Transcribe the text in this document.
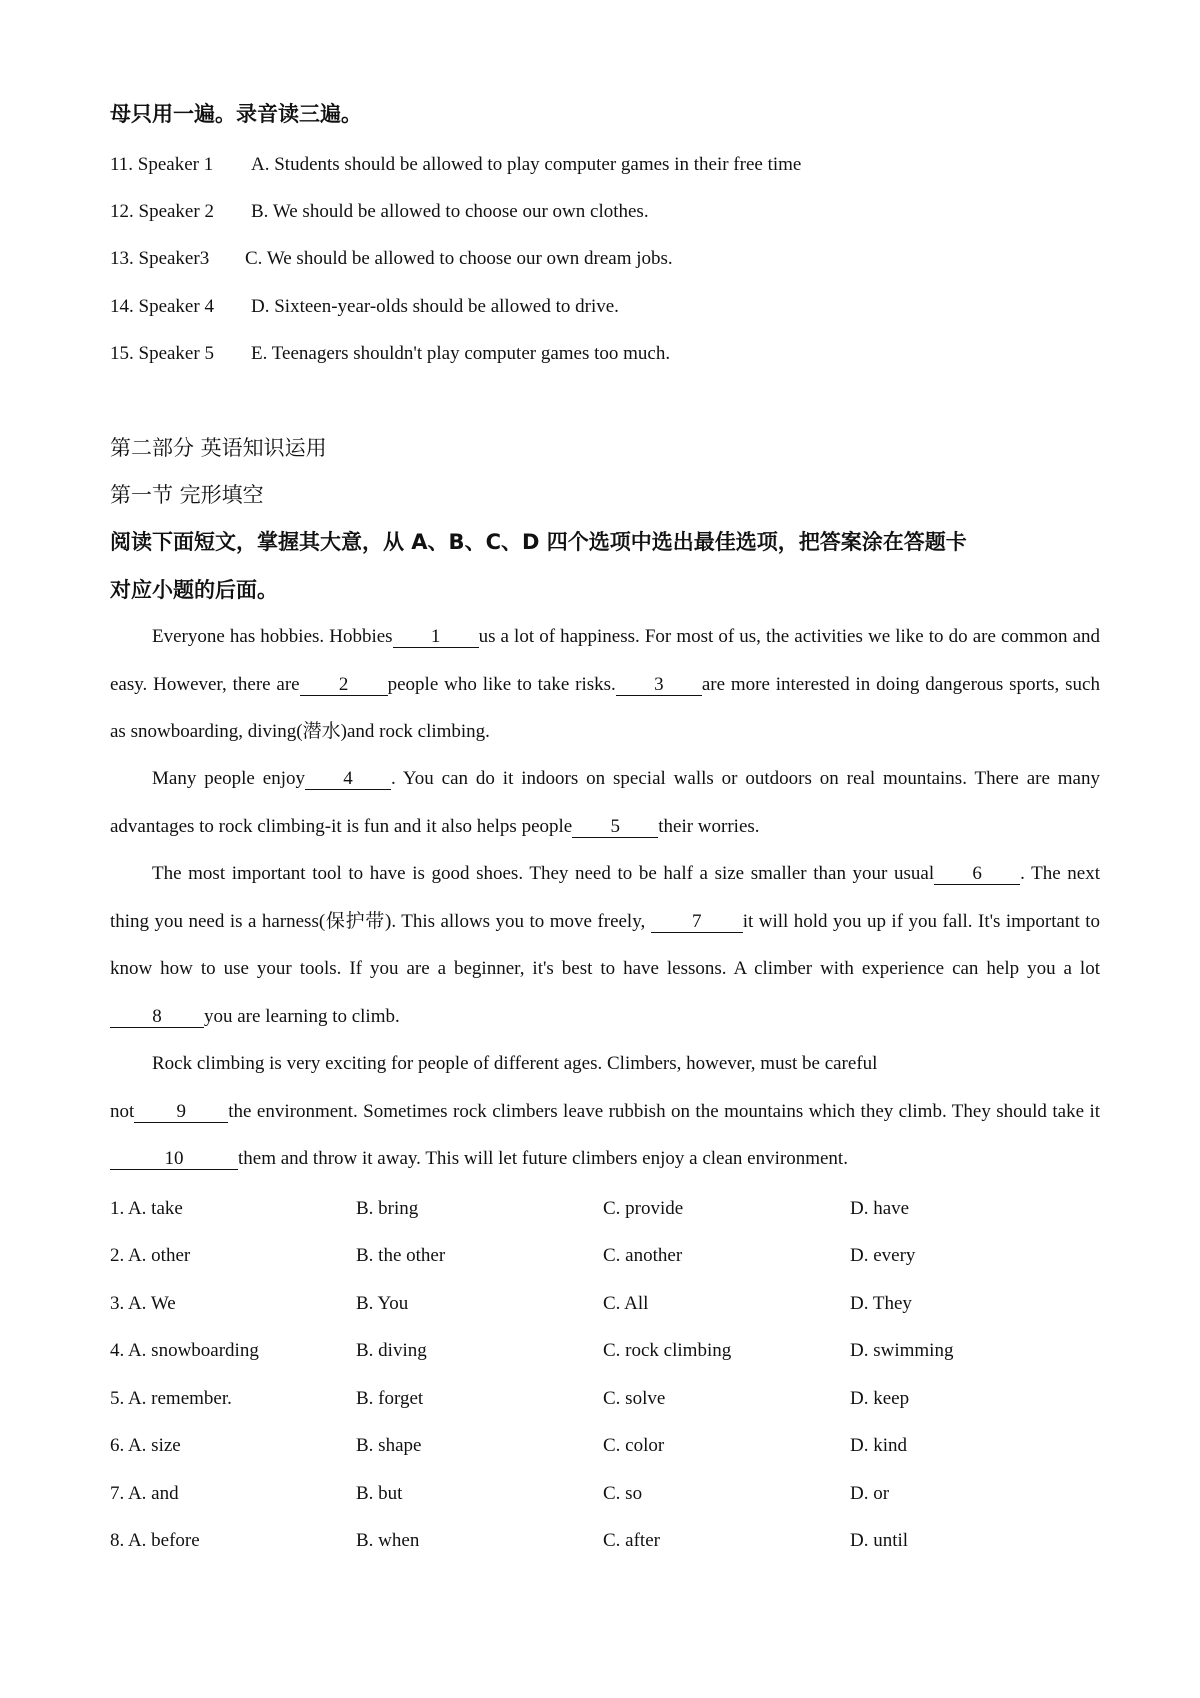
母只用一遍。录音读三遍。
11. Speaker 1 A. Students should be allowed to play computer games in their free time
12. Speaker 2 B. We should be allowed to choose our own clothes.
13. Speaker3 C. We should be allowed to choose our own dream jobs.
14. Speaker 4 D. Sixteen-year-olds should be allowed to drive.
15. Speaker 5 E. Teenagers shouldn't play computer games too much.
第二部分 英语知识运用
第一节 完形填空
阅读下面短文，掌握其大意，从 A、B、C、D 四个选项中选出最佳选项，把答案涂在答题卡
对应小题的后面。
Everyone has hobbies. Hobbies 1 us a lot of happiness. For most of us, the activities we like to do are common and easy. However, there are 2 people who like to take risks. 3 are more interested in doing dangerous sports, such as snowboarding, diving(潜水)and rock climbing.
Many people enjoy 4 . You can do it indoors on special walls or outdoors on real mountains. There are many advantages to rock climbing-it is fun and it also helps people 5 their worries.
The most important tool to have is good shoes. They need to be half a size smaller than your usual 6 . The next thing you need is a harness(保护带). This allows you to move freely, 7 it will hold you up if you fall. It's important to know how to use your tools. If you are a beginner, it's best to have lessons. A climber with experience can help you a lot8 you are learning to climb.
Rock climbing is very exciting for people of different ages. Climbers, however, must be careful
not 9 the environment. Sometimes rock climbers leave rubbish on the mountains which they climb. They should take it10	them and throw it away. This will let future climbers enjoy a clean environment.
1. A. take	B. bring	C. provide	D. have
2. A. other	B. the other	C. another	D. every
3. A. We	B. You	C. All	D. They
4. A. snowboarding	B. diving	C. rock climbing	D. swimming
5. A. remember.	B. forget	C. solve	D. keep
6. A. size	B. shape	C. color	D. kind
7. A. and	B. but	C. so	D. or
8. A. before	B. when	C. after	D. until
